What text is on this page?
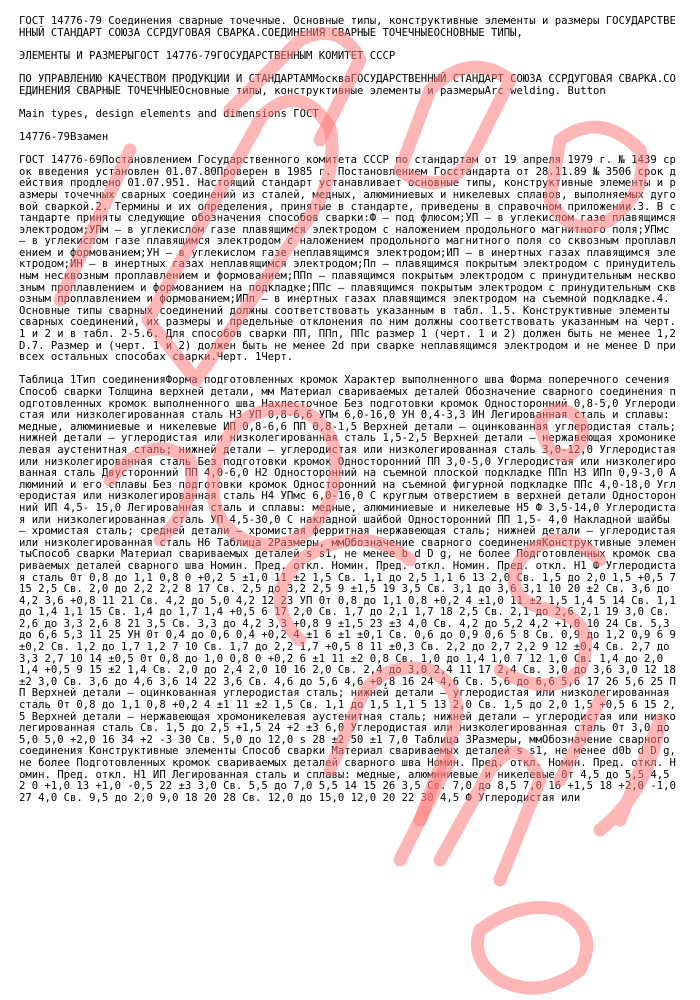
ГОСТ 14776-79 Соединения сварные точечные. Основные типы, конструктивные элементы и размеры ГОСУДАРСТВЕННЫЙ СТАНДАРТ СОЮЗА ССРДУГОВАЯ СВАРКА.СОЕДИНЕНИЯ СВАРНЫЕ ТОЧЕЧНЫЕОСНОВНЫЕ ТИПЫ,

ЭЛЕМЕНТЫ И РАЗМЕРЫГОСТ 14776-79ГОСУДАРСТВЕННЫМ КОМИТЕТ СССР

ПО УПРАВЛЕНИЮ КАЧЕСТВОМ ПРОДУКЦИИ И СТАНДАРТАММоскваГОСУДАРСТВЕННЫЙ СТАНДАРТ СОЮЗА ССРДУГОВАЯ СВАРКА.СОЕДИНЕНИЯ СВАРНЫЕ ТОЧЕЧНЫЕОсновные типы, конструктивные элементы и размерыArc welding. Button

Main types, design elements and dimensions ГОСТ

14776-79Взамен

ГОСТ 14776-69Постановлением Государственного комитета СССР по стандартам от 19 апреля 1979 г. № 1439 срок введения установлен 01.07.80Проверен в 1985 г. Постановлением Госстандарта от 28.11.89 № 3506 срок действия продлено 01.07.951. Настоящий стандарт устанавливает основные типы, конструктивные элементы и размеры точечных сварных соединений из сталей, медных, алюминиевых и никелевых сплавов, выполняемых дуговой сваркой.2. Термины и их определения, принятые в стандарте, приведены в справочном приложении.3. В стандарте приняты следующие обозначения способов сварки:Ф — под флюсом;УП — в углекислом газе плавящимся электродом;УПм — в углекислом газе плавящимся электродом с наложением продольного магнитного поля;УПмс — в углекислом газе плавящимся электродом с наложением продольного магнитного поля со сквозным проплавлением и формованием;УН — в углекислом газе неплавящимся электродом;ИП — в инертных газах плавящимся электродом;ИН — в инертных газах неплавящимся электродом;Пп — плавящимся покрытым электродом с принудительным несквозным проплавлением и формованием;ППп — плавящимся покрытым электродом с принудительным несквозным проплавлением и формованием на подкладке;ППс — плавящимся покрытым электродом с принудительным сквозным проплавлением и формованием;ИПп — в инертных газах плавящимся электродом на съемной подкладке.4. Основные типы сварных соединений должны соответствовать указанным в табл. 1.5. Конструктивные элементы сварных соединений, их размеры и предельные отклонения по ним должны соответствовать указанным на черт. 1 и 2 и в табл. 2-5.6. Для способов сварки ПП, ППп, ППс размер 1 (черт. 1 и 2) должен быть не менее 1,2D.7. Размер и (черт. 1 и 2) должен быть не менее 2d при сварке неплавящимся электродом и не менее D при всех остальных способах сварки.Черт. 1Черт.

Таблица 1Тип соединенияФорма подготовленных кромок Характер выполненного шва Форма поперечного сечения Способ сварки Толщина верхней детали, мм Материал свариваемых деталей Обозначение сварного соединения подготовленных кромок выполненного шва Нахлесточное Без подготовки кромок Односторонний 0,8-5,0 Углеродистая или низколегированная сталь Н3 УП 0,8-6,6 УПм 6,0-16,0 УН 0,4-3,3 ИН Легированная сталь и сплавы: медные, алюминиевые и никелевые ИП 0,8-6,6 ПП 0,8-1,5 Верхней детали — оцинкованная углеродистая сталь; нижней детали — углеродистая или низколегированная сталь 1,5-2,5 Верхней детали — нержавеющая хромоникелевая аустенитная сталь; нижней детали — углеродистая или низколегированная сталь 3,0-12,0 Углеродистая или низколегированная сталь Без подготовки кромок Односторонний ПП 3,0-5,0 Углеродистая или низколегированная сталь Двусторонний ПП 4,0-6,0 Н2 Односторонний на съемной плоской подкладке ППп Н3 ИПп 0,9-3,0 Алюминий и его сплавы Без подготовки кромок Односторонний на съемной фигурной подкладке ППс 4,0-18,0 Углеродистая или низколегированная сталь Н4 УПмс 6,0-16,0 С круглым отверстием в верхней детали Односторонний ИП 4,5- 15,0 Легированная сталь и сплавы: медные, алюминиевые и никелевые Н5 Ф 3,5-14,0 Углеродистая или низколегированная сталь УП 4,5-30,0 С накладной шайбой Односторонний ПП 1,5- 4,0 Накладной шайбы — хромистая сталь; средней детали — хромистая ферритная нержавеющая сталь; нижней детали — углеродистая или низколегированная сталь Н6 Таблица 2Размеры, ммОбозначение сварного соединенияКонструктивные элементыСпособ сварки Материал свариваемых деталей s s1, не менее b d D g, не более Подготовленных кромок свариваемых деталей сварного шва Номин. Пред. откл. Номин. Пред. откл. Номин. Пред. откл. Н1 Ф Углеродистая сталь 0т 0,8 до 1,1 0,8 0 +0,2 5 ±1,0 11 ±2 1,5 Св. 1,1 до 2,5 1,1 6 13 2,0 Св. 1,5 до 2,0 1,5 +0,5 7 15 2,5 Св. 2,0 до 2,2 2,2 8 17 Св. 2,5 до 3,2 2,5 9 ±1,5 19 3,5 Св. 3,1 до 3,6 3,1 10 20 ±2 Св. 3,6 до 4,2 3,6 +0,8 11 21 Св. 4,2 до 5,0 4,2 12 23 УП 0т 0,8 до 1,1 0,8 +0,2 4 ±1,0 11 ±2 1,5 1,4 5 14 Св. 1,1 до 1,4 1,1 15 Св. 1,4 до 1,7 1,4 +0,5 6 17 2,0 Св. 1,7 до 2,1 1,7 18 2,5 Св. 2,1 до 2,6 2,1 19 3,0 Св. 2,6 до 3,3 2,6 8 21 3,5 Св. 3,3 до 4,2 3,3 +0,8 9 ±1,5 23 ±3 4,0 Св. 4,2 до 5,2 4,2 +1,0 10 24 Св. 5,3 до 6,6 5,3 11 25 УН 0т 0,4 до 0,6 0,4 +0,2 4 ±1 6 ±1 ±0,1 Св. 0,6 до 0,9 0,6 5 8 Св. 0,9 до 1,2 0,9 6 9 ±0,2 Св. 1,2 до 1,7 1,2 7 10 Св. 1,7 до 2,2 1,7 +0,5 8 11 ±0,3 Св. 2,2 до 2,7 2,2 9 12 ±0,4 Св. 2,7 до 3,3 2,7 10 14 ±0,5 0т 0,8 до 1,0 0,8 0 +0,2 6 ±1 11 ±2 0,8 Св. 1,0 до 1,4 1,0 7 12 1,0 Св. 1,4 до 2,0 1,4 +0,5 9 15 ±2 1,4 Св. 2,0 до 2,4 2,0 10 16 2,0 Св. 2,4 до 3,0 2,4 11 17 2,4 Св. 3,0 до 3,6 3,0 12 18 ±2 3,0 Св. 3,6 до 4,6 3,6 14 22 3,6 Св. 4,6 до 5,6 4,6 +0,8 16 24 4,6 Св. 5,6 до 6,6 5,6 17 26 5,6 25 ПП Верхней детали — оцинкованная углеродистая сталь; нижней детали — углеродистая или низколегированная сталь 0т 0,8 до 1,1 0,8 +0,2 4 ±1 11 ±2 1,5 Св. 1,1 до 1,5 1,1 5 13 2,0 Св. 1,5 до 2,0 1,5 +0,5 6 15 2,5 Верхней детали — нержавеющая хромоникелевая аустенитная сталь; нижней детали — углеродистая или низколегированная сталь Св. 1,5 до 2,5 +1,5 24 +2 ±3 6,0 Углеродистая или низколегированная сталь 0т 3,0 до 5,0 5,0 +2,0 16 34 +2 -3 30 Св. 5,0 до 12,0 s 28 ±2 50 ±1 7,0 Таблица 3Размеры, ммОбозначение сварного соединения Конструктивные элементы Способ сварки Материал свариваемых деталей s s1, не менее d0b d D g, не более Подготовленных кромок свариваемых деталей сварного шва Номин. Пред. откл. Номин. Пред. откл. Номин. Пред. откл. Н1 ИП Легированная сталь и сплавы: медные, алюминиевые и никелевые 0т 4,5 до 5,5 4,5 2 0 +1,0 13 +1,0 -0,5 22 ±3 3,0 Св. 5,5 до 7,0 5,5 14 15 26 3,5 Св. 7,0 до 8,5 7,0 16 +1,5 18 +2,0 -1,0 27 4,0 Св. 9,5 до 2,0 9,0 18 20 28 Св. 12,0 до 15,0 12,0 20 22 30 4,5 Ф Углеродистая или
